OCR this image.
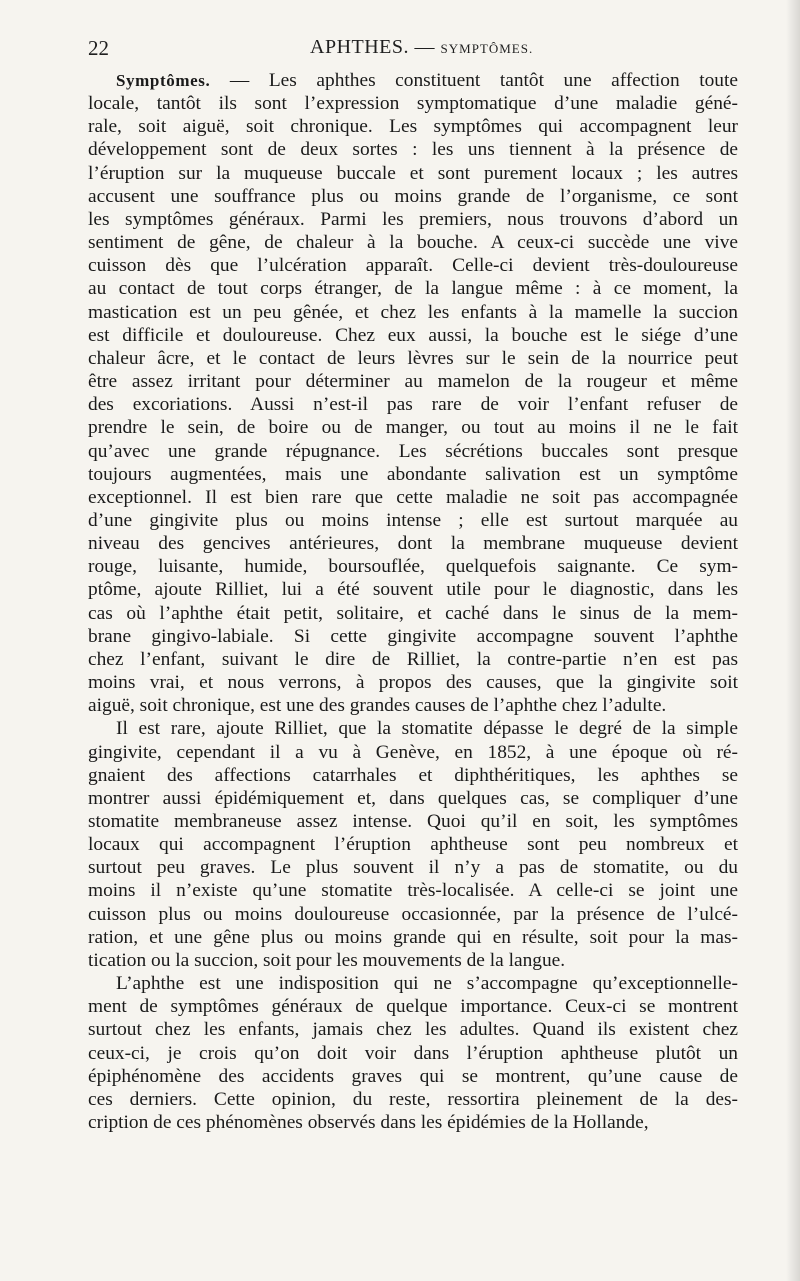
22	APHTHES. — SYMPTÔMES.

Symptômes. — Les aphthes constituent tantôt une affection toute
locale, tantôt ils sont l’expression symptomatique d’une maladie géné-
rale, soit aiguë, soit chronique. Les symptômes qui accompagnent leur
développement sont de deux sortes : les uns tiennent à la présence de
l’éruption sur la muqueuse buccale et sont purement locaux ; les autres
accusent une souffrance plus ou moins grande de l’organisme, ce sont
les symptômes généraux. Parmi les premiers, nous trouvons d’abord un
sentiment de gêne, de chaleur à la bouche. A ceux-ci succède une vive
cuisson dès que l’ulcération apparaît. Celle-ci devient très-douloureuse
au contact de tout corps étranger, de la langue même : à ce moment, la
mastication est un peu gênée, et chez les enfants à la mamelle la succion
est difficile et douloureuse. Chez eux aussi, la bouche est le siége d’une
chaleur âcre, et le contact de leurs lèvres sur le sein de la nourrice peut
être assez irritant pour déterminer au mamelon de la rougeur et même
des excoriations. Aussi n’est-il pas rare de voir l’enfant refuser de
prendre le sein, de boire ou de manger, ou tout au moins il ne le fait
qu’avec une grande répugnance. Les sécrétions buccales sont presque
toujours augmentées, mais une abondante salivation est un symptôme
exceptionnel. Il est bien rare que cette maladie ne soit pas accompagnée
d’une gingivite plus ou moins intense ; elle est surtout marquée au
niveau des gencives antérieures, dont la membrane muqueuse devient
rouge, luisante, humide, boursouflée, quelquefois saignante. Ce sym-
ptôme, ajoute Rilliet, lui a été souvent utile pour le diagnostic, dans les
cas où l’aphthe était petit, solitaire, et caché dans le sinus de la mem-
brane gingivo-labiale. Si cette gingivite accompagne souvent l’aphthe
chez l’enfant, suivant le dire de Rilliet, la contre-partie n’en est pas
moins vrai, et nous verrons, à propos des causes, que la gingivite soit
aiguë, soit chronique, est une des grandes causes de l’aphthe chez l’adulte.

Il est rare, ajoute Rilliet, que la stomatite dépasse le degré de la simple
gingivite, cependant il a vu à Genève, en 1852, à une époque où ré-
gnaient des affections catarrhales et diphthéritiques, les aphthes se
montrer aussi épidémiquement et, dans quelques cas, se compliquer d’une
stomatite membraneuse assez intense. Quoi qu’il en soit, les symptômes
locaux qui accompagnent l’éruption aphtheuse sont peu nombreux et
surtout peu graves. Le plus souvent il n’y a pas de stomatite, ou du
moins il n’existe qu’une stomatite très-localisée. A celle-ci se joint une
cuisson plus ou moins douloureuse occasionnée, par la présence de l’ulcé-
ration, et une gêne plus ou moins grande qui en résulte, soit pour la mas-
tication ou la succion, soit pour les mouvements de la langue.

L’aphthe est une indisposition qui ne s’accompagne qu’exceptionnelle-
ment de symptômes généraux de quelque importance. Ceux-ci se montrent
surtout chez les enfants, jamais chez les adultes. Quand ils existent chez
ceux-ci, je crois qu’on doit voir dans l’éruption aphtheuse plutôt un
épiphénomène des accidents graves qui se montrent, qu’une cause de
ces derniers. Cette opinion, du reste, ressortira pleinement de la des-
cription de ces phénomènes observés dans les épidémies de la Hollande,
